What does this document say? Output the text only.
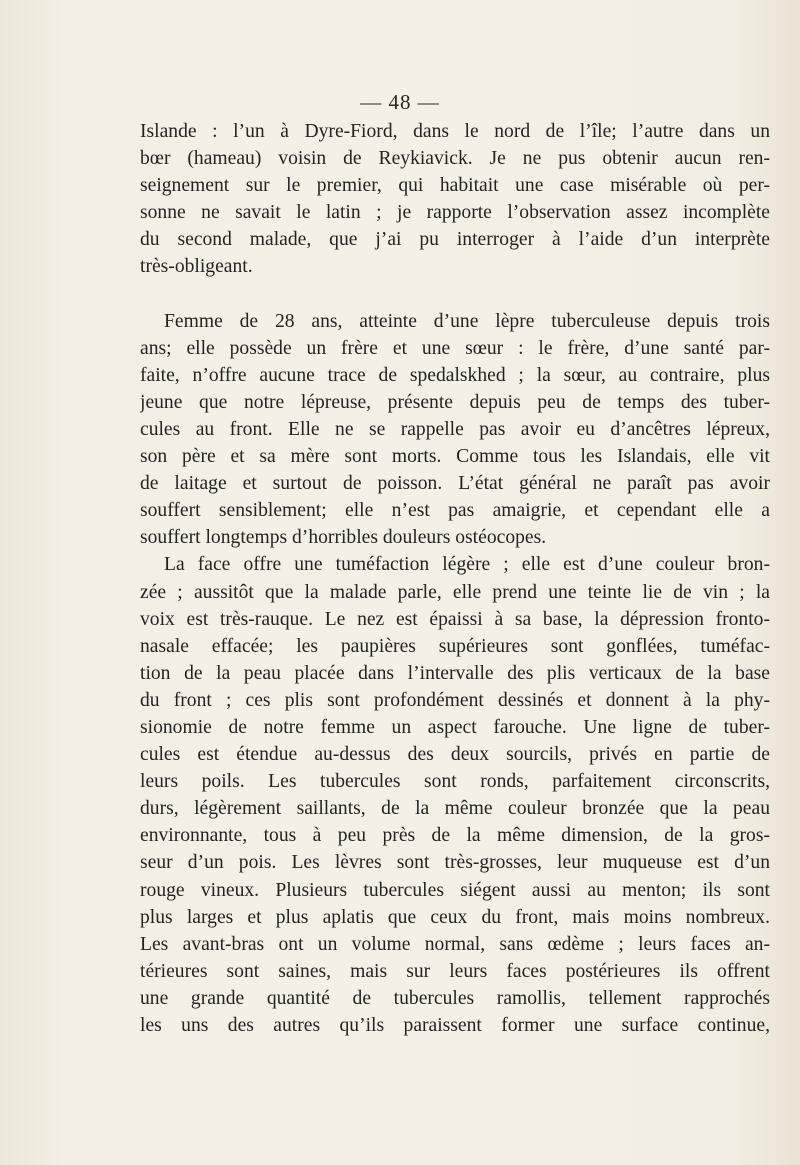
— 48 —
Islande : l’un à Dyre-Fiord, dans le nord de l’île; l’autre dans un
bœr (hameau) voisin de Reykiavick. Je ne pus obtenir aucun ren-
seignement sur le premier, qui habitait une case misérable où per-
sonne ne savait le latin ; je rapporte l’observation assez incomplète
du second malade, que j’ai pu interroger à l’aide d’un interprète
très-obligeant.
Femme de 28 ans, atteinte d’une lèpre tuberculeuse depuis trois
ans; elle possède un frère et une sœur : le frère, d’une santé par-
faite, n’offre aucune trace de spedalskhed ; la sœur, au contraire, plus
jeune que notre lépreuse, présente depuis peu de temps des tuber-
cules au front. Elle ne se rappelle pas avoir eu d’ancêtres lépreux,
son père et sa mère sont morts. Comme tous les Islandais, elle vit
de laitage et surtout de poisson. L’état général ne paraît pas avoir
souffert sensiblement; elle n’est pas amaigrie, et cependant elle a
souffert longtemps d’horribles douleurs ostéocopes.
La face offre une tuméfaction légère ; elle est d’une couleur bron-
zée ; aussitôt que la malade parle, elle prend une teinte lie de vin ; la
voix est très-rauque. Le nez est épaissi à sa base, la dépression fronto-
nasale effacée; les paupières supérieures sont gonflées, tuméfac-
tion de la peau placée dans l’intervalle des plis verticaux de la base
du front ; ces plis sont profondément dessinés et donnent à la phy-
sionomie de notre femme un aspect farouche. Une ligne de tuber-
cules est étendue au-dessus des deux sourcils, privés en partie de
leurs poils. Les tubercules sont ronds, parfaitement circonscrits,
durs, légèrement saillants, de la même couleur bronzée que la peau
environnante, tous à peu près de la même dimension, de la gros-
seur d’un pois. Les lèvres sont très-grosses, leur muqueuse est d’un
rouge vineux. Plusieurs tubercules siégent aussi au menton; ils sont
plus larges et plus aplatis que ceux du front, mais moins nombreux.
Les avant-bras ont un volume normal, sans œdème ; leurs faces an-
térieures sont saines, mais sur leurs faces postérieures ils offrent
une grande quantité de tubercules ramollis, tellement rapprochés
les uns des autres qu’ils paraissent former une surface continue,
